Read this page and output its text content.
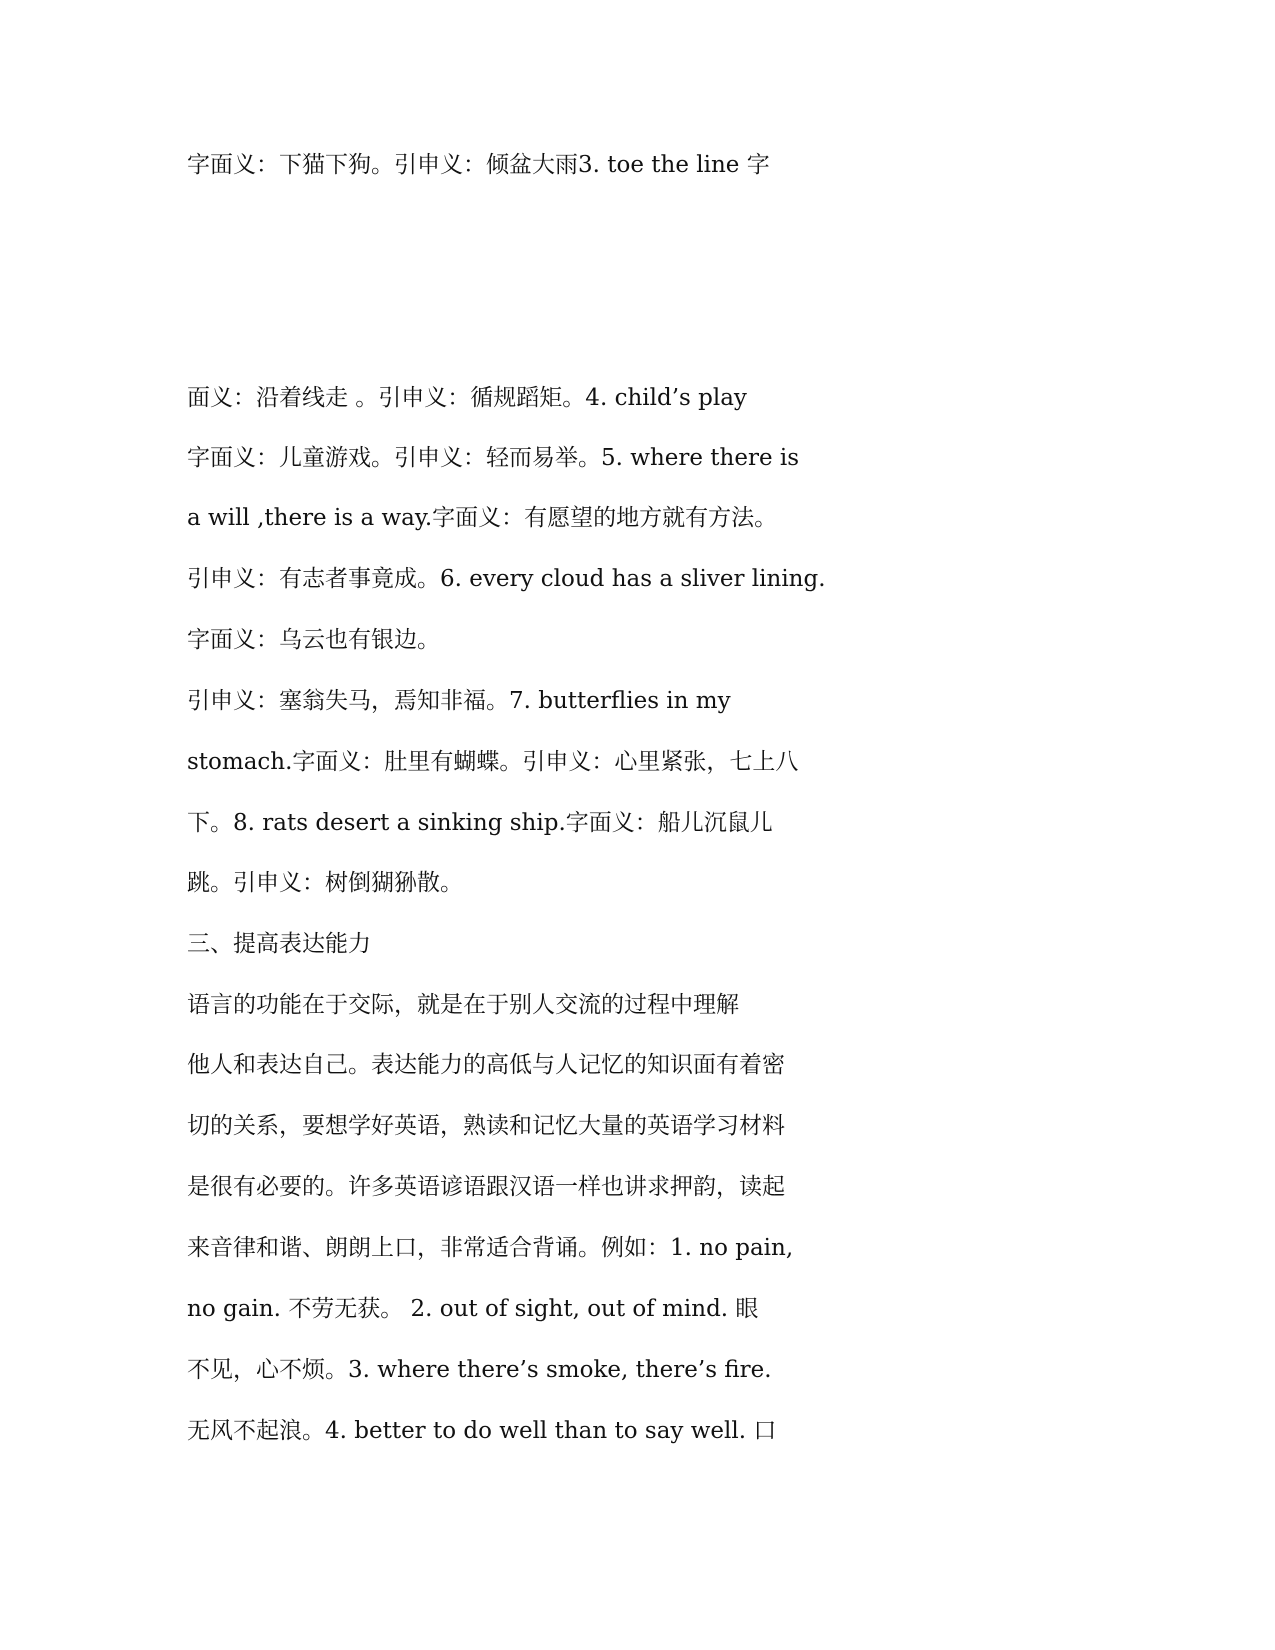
字面义：下猫下狗。引申义：倾盆大雨3. toe the line 字

面义：沿着线走 。引申义：循规蹈矩。4. child’s play

字面义：儿童游戏。引申义：轻而易举。5. where there is

a will ,there is a way.字面义：有愿望的地方就有方法。

引申义：有志者事竟成。6. every cloud has a sliver lining.

字面义：乌云也有银边。

引申义：塞翁失马，焉知非福。7. butterflies in my

stomach.字面义：肚里有蝴蝶。引申义：心里紧张，七上八

下。8. rats desert a sinking ship.字面义：船儿沉鼠儿

跳。引申义：树倒猢狲散。

三、提高表达能力

语言的功能在于交际，就是在于别人交流的过程中理解

他人和表达自己。表达能力的高低与人记忆的知识面有着密

切的关系，要想学好英语，熟读和记忆大量的英语学习材料

是很有必要的。许多英语谚语跟汉语一样也讲求押韵，读起

来音律和谐、朗朗上口，非常适合背诵。例如：1. no pain,

no gain. 不劳无获。 2. out of sight, out of mind. 眼

不见，心不烦。3. where there’s smoke, there’s fire.

无风不起浪。4. better to do well than to say well. 口
